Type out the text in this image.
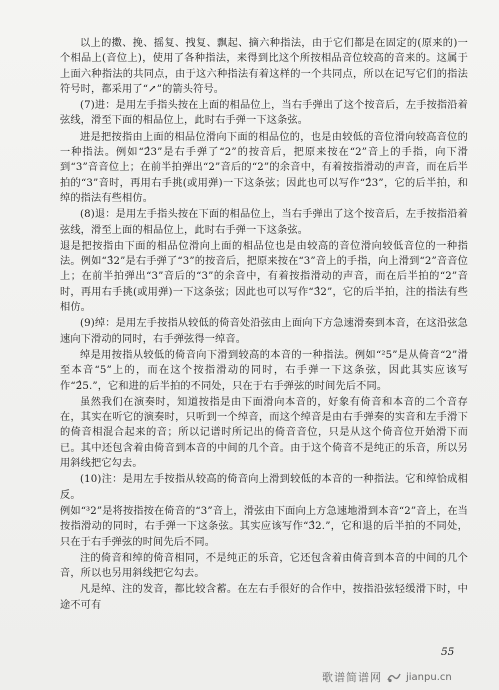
以上的擞、挽、摇复、拽复、飘起、摘六种指法，由于它们都是在固定的(原来的)一个相品上(音位上)，使用了各种指法，来得到比这个所按相品音位较高的音来的。这属于上面六种指法的共同点，由于这六种指法有着这样的一个共同点，所以在记写它们的指法符号时，都采用了“↗”的箭头符号。

(7)进：是用左手指头按在上面的相品位上，当右手弹出了这个按音后，左手按指沿着弦线，滑至下面的相品位上，此时右手弹一下这条弦。

进是把按指由上面的相品位滑向下面的相品位的，也是由较低的音位滑向较高音位的一种指法。例如“2̂3”是右手弹了“2”的按音后，把原来按在“2”音上的手指，向下滑到“3”音音位上；在前半拍弹出“2”音后的“2”的余音中，有着按指滑动的声音，而在后半拍的“3”音时，再用右手挑(或用弹)一下这条弦；因此也可以写作“2̂3”，它的后半拍，和绰的指法有些相仿。

(8)退：是用左手指头按在下面的相品位上，当右手弹出了这个按音后，左手按指沿着弦线，滑至上面的相品位上，此时右手弹一下这条弦。

退是把按指由下面的相品位滑向上面的相品位也是由较高的音位滑向较低音位的一种指法。例如“3̂2”是右手弹了“3”的按音后，把原来按在“3”音上的手指，向上滑到“2”音音位上；在前半拍弹出“3”音后的“3”的余音中，有着按指滑动的声音，而在后半拍的“2”音时，再用右手挑(或用弹)一下这条弦；因此也可以写作“3̂2”，它的后半拍，注的指法有些相仿。

(9)绰：是用左手按指从较低的倚音处沿弦由上面向下方急速滑奏到本音，在这沿弦急速向下滑动的同时，右手弹弦得一绰音。

绰是用按指从较低的倚音向下滑到较高的本音的一种指法。例如“²5”是从倚音“2”滑至本音“5”上的，而在这个按指滑动的同时，右手弹一下这条弦，因此其实应该写作“2̂5.”，它和进的后半拍的不同处，只在于右手弹弦的时间先后不同。

虽然我们在演奏时，知道按指是由下面滑向本音的，好象有倚音和本音的二个音存在，其实在听它的演奏时，只听到一个绰音，而这个绰音是由右手弹奏的实音和左手滑下的倚音相混合起来的音；所以记谱时所记出的倚音音位，只是从这个倚音位开始滑下而已。其中还包含着由倚音到本音的中间的几个音。由于这个倚音不是纯正的乐音，所以另用斜线把它勾去。

(10)注：是用左手按指从较高的倚音向上滑到较低的本音的一种指法。它和绰恰成相反。

例如“³2”是将按指按在倚音的“3”音上，滑弦由下面向上方急速地滑到本音“2”音上，在当按指滑动的同时，右手弹一下这条弦。其实应该写作“3̂2.”，它和退的后半拍的不同处，只在于右手弹弦的时间先后不同。

注的倚音和绰的倚音相同，不是纯正的乐音，它还包含着由倚音到本音的中间的几个音，所以也另用斜线把它勾去。

凡是绰、注的发音，都比较含蓄。在左右手很好的合作中，按指沿弦轻缓滑下时，中途不可有

55
歌谱简谱网 jianpu.cn
